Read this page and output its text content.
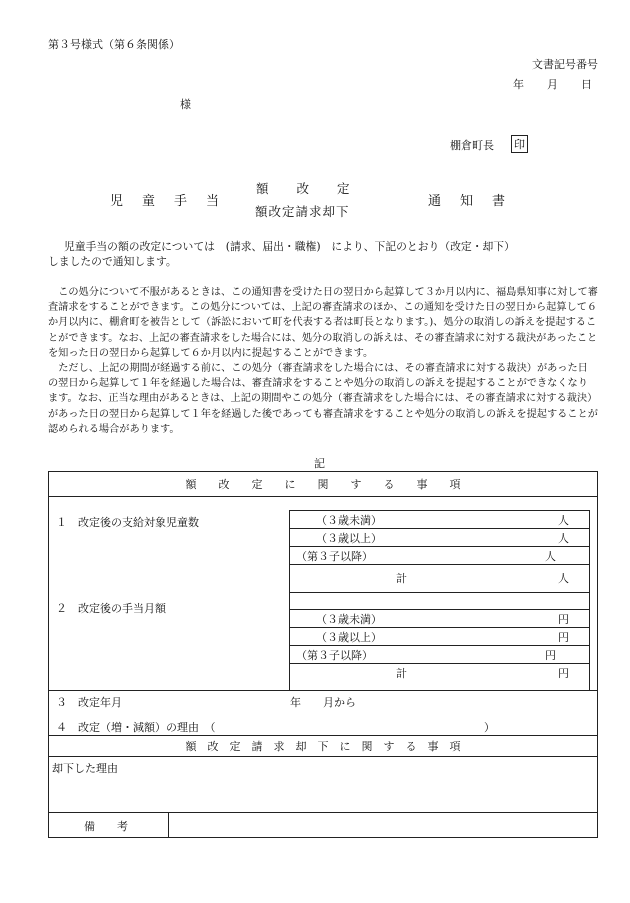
第３号様式（第６条関係）
文書記号番号
年　月　日
様
棚倉町長 印
児　童　手　当
額　　改　　定
額改定請求却下
通　知　書
児童手当の額の改定については　(請求、届出・職権)　により、下記のとおり（改定・却下）
しましたので通知します。

この処分について不服があるときは、この通知書を受けた日の翌日から起算して３か月以内に、福島県知事に対して審査請求をすることができます。この処分については、上記の審査請求のほか、この通知を受けた日の翌日から起算して６か月以内に、棚倉町を被告として（訴訟において町を代表する者は町長となります。)、処分の取消しの訴えを提起することができます。なお、上記の審査請求をした場合には、処分の取消しの訴えは、その審査請求に対する裁決があったことを知った日の翌日から起算して６か月以内に提起することができます。

ただし、上記の期間が経過する前に、この処分（審査請求をした場合には、その審査請求に対する裁決）があった日の翌日から起算して１年を経過した場合は、審査請求をすることや処分の取消しの訴えを提起することができなくなります。なお、正当な理由があるときは、上記の期間やこの処分（審査請求をした場合には、その審査請求に対する裁決）があった日の翌日から起算して１年を経過した後であっても審査請求をすることや処分の取消しの訴えを提起することが認められる場合があります。

記
額　　改　　定　　に　　関　　す　　る　　事　　項
１　改定後の支給対象児童数
２　改定後の手当月額
（３歳未満）	人
（３歳以上）	人
（第３子以降）	人
計	人
（３歳未満）	円
（３歳以上）	円
（第３子以降）	円
計	円
３　改定年月	年　　月から
４　改定（増・減額）の理由　（	）
額　改　定　請　求　却　下　に　関　す　る　事　項
却下した理由
備　　考
